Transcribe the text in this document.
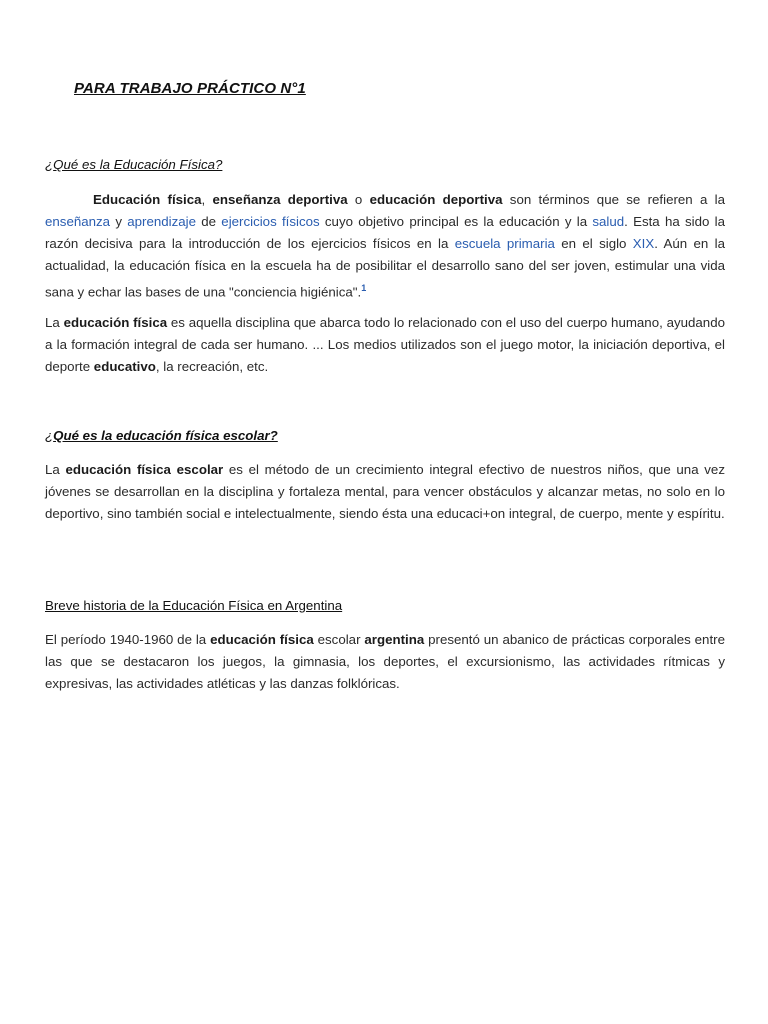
PARA TRABAJO PRÁCTICO N°1
¿Qué es la Educación Física?

Educación física, enseñanza deportiva o educación deportiva son términos que se refieren a la enseñanza y aprendizaje de ejercicios físicos cuyo objetivo principal es la educación y la salud. Esta ha sido la razón decisiva para la introducción de los ejercicios físicos en la escuela primaria en el siglo XIX. Aún en la actualidad, la educación física en la escuela ha de posibilitar el desarrollo sano del ser joven, estimular una vida sana y echar las bases de una "conciencia higiénica".$^1$

La educación física es aquella disciplina que abarca todo lo relacionado con el uso del cuerpo humano, ayudando a la formación integral de cada ser humano. ... Los medios utilizados son el juego motor, la iniciación deportiva, el deporte educativo, la recreación, etc.

¿Qué es la educación física escolar?

La educación física escolar es el método de un crecimiento integral efectivo de nuestros niños, que una vez jóvenes se desarrollan en la disciplina y fortaleza mental, para vencer obstáculos y alcanzar metas, no solo en lo deportivo, sino también social e intelectualmente, siendo ésta una educaci+on integral, de cuerpo, mente y espíritu.

Breve historia de la Educación Física en Argentina

El período 1940-1960 de la educación física escolar argentina presentó un abanico de prácticas corporales entre las que se destacaron los juegos, la gimnasia, los deportes, el excursionismo, las actividades rítmicas y expresivas, las actividades atléticas y las danzas folklóricas.
